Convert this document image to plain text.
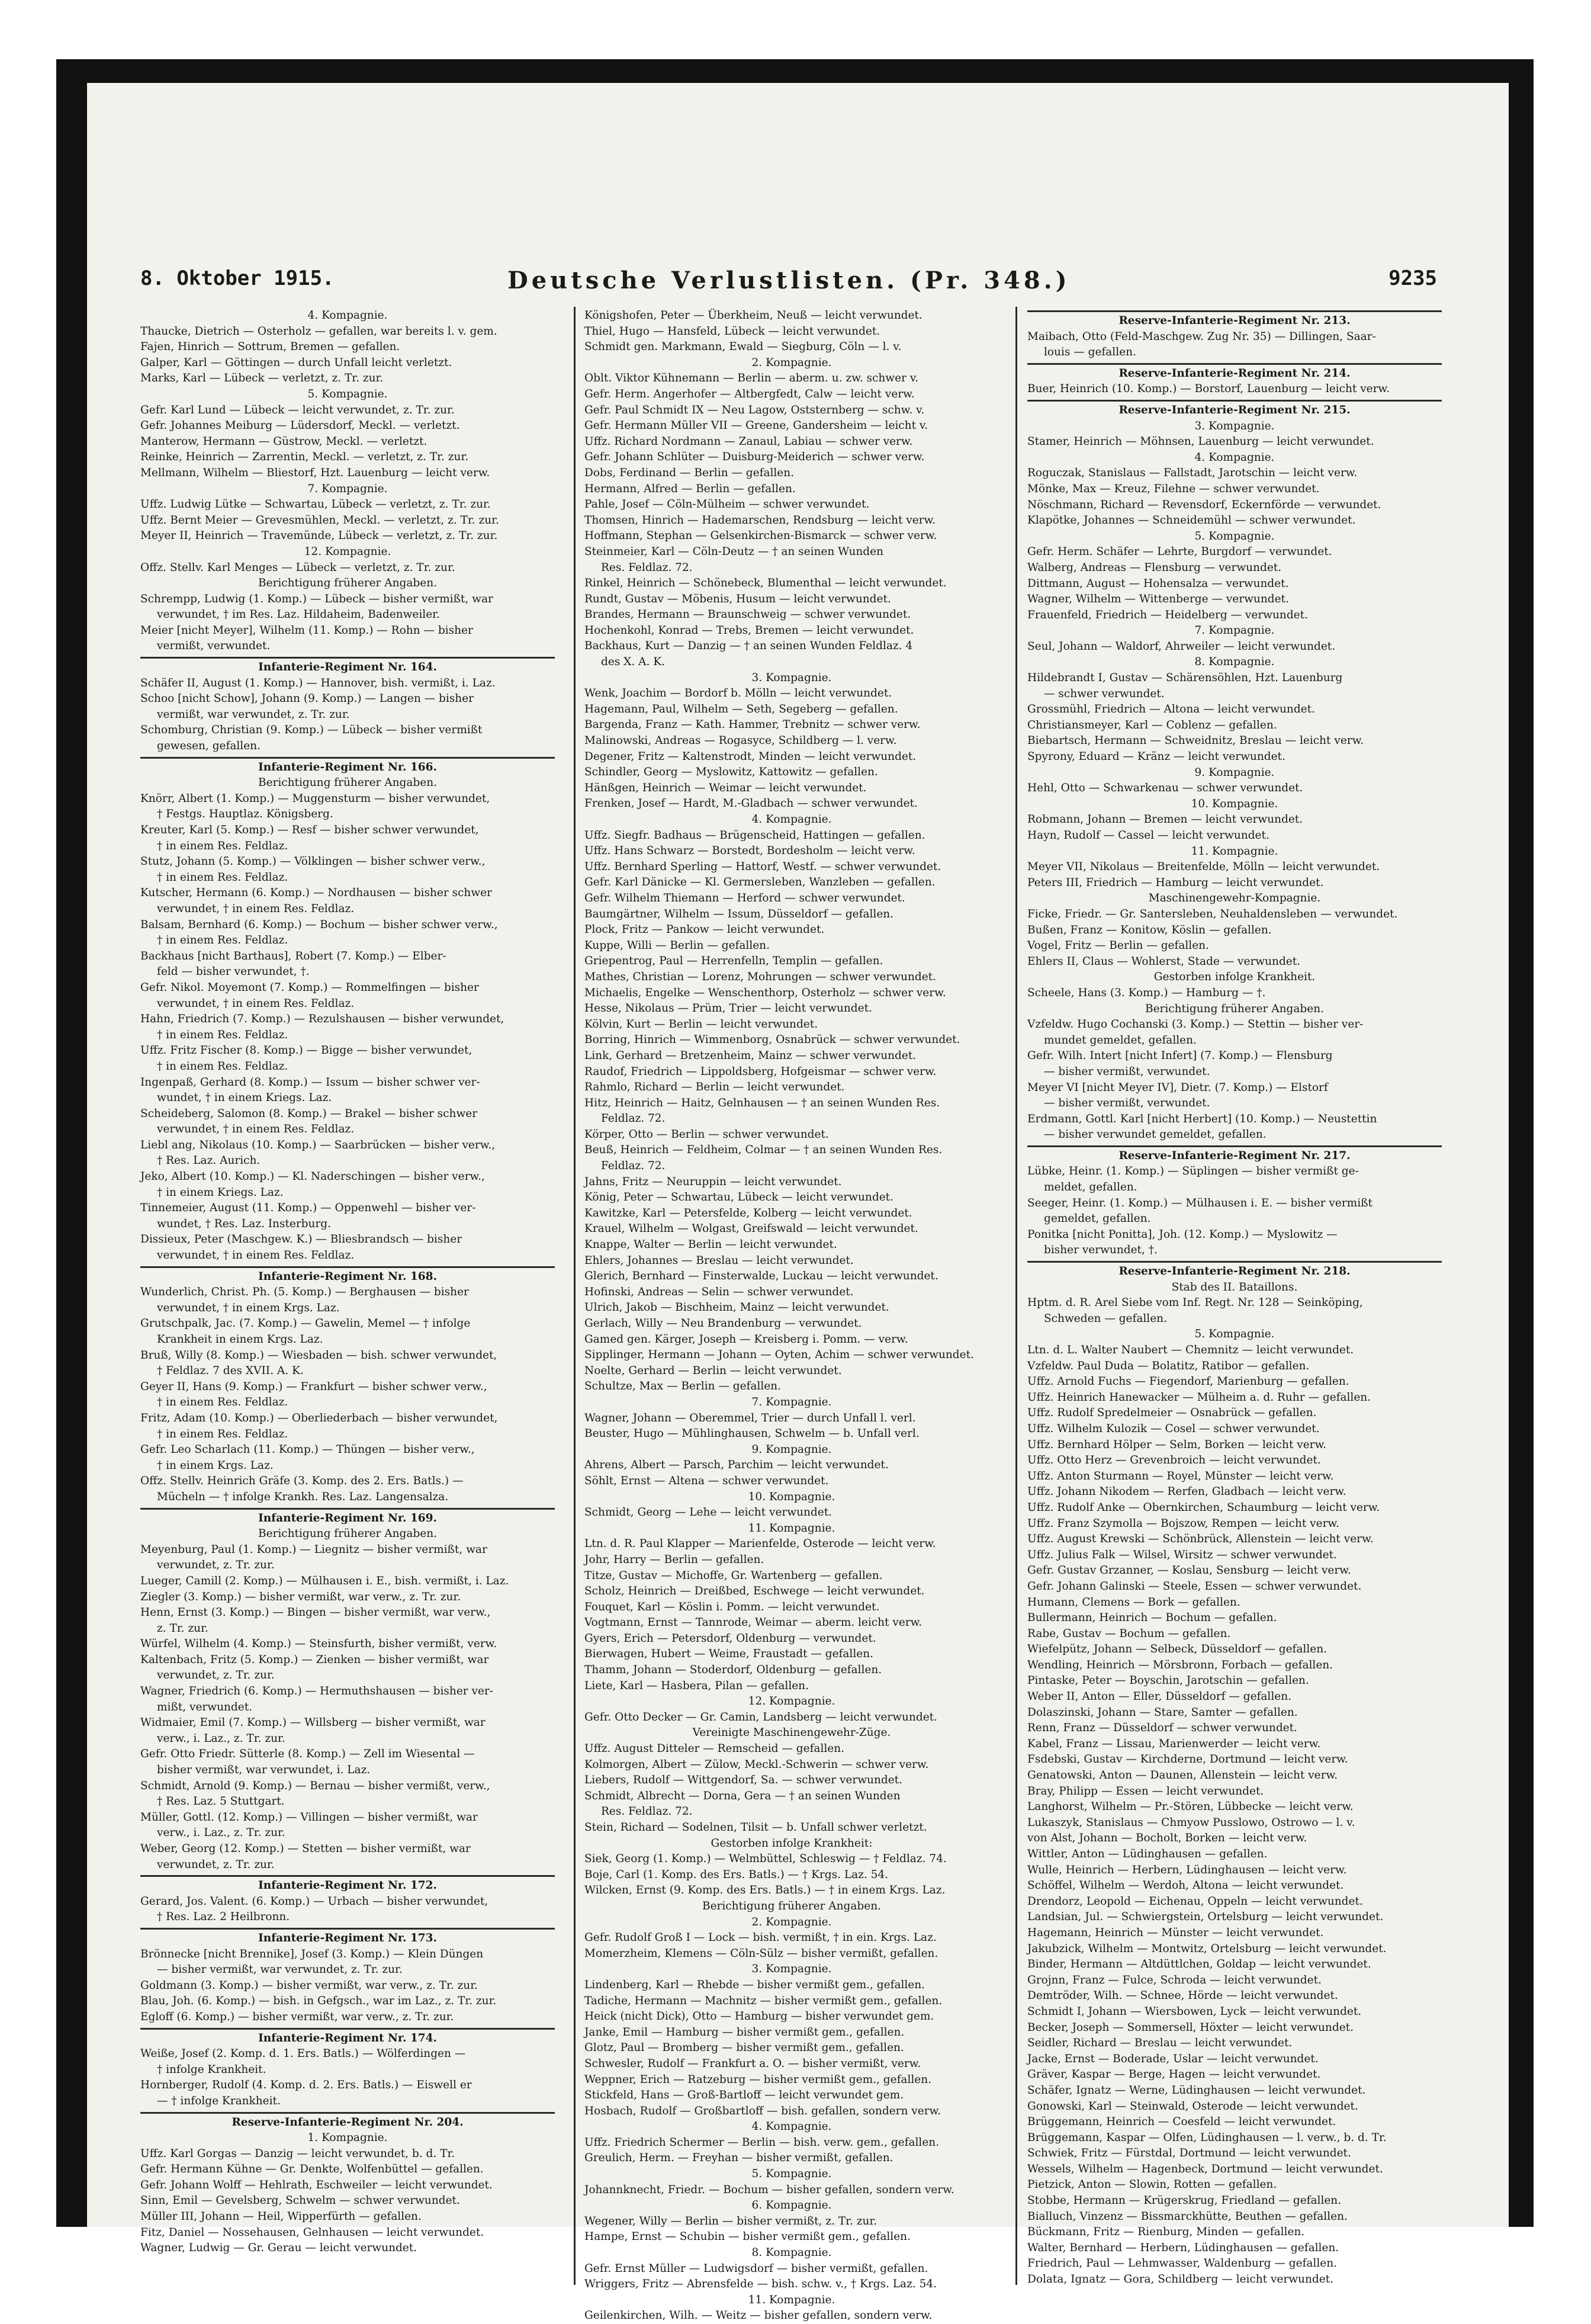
8. Oktober 1915.	Deutsche Verlustlisten. (Pr. 348.)	9235
4. Kompagnie.
Thaucke, Dietrich — Osterholz — gefallen, war bereits l. v. gem.
Fajen, Hinrich — Sottrum, Bremen — gefallen.
Galper, Karl — Göttingen — durch Unfall leicht verletzt.
Marks, Karl — Lübeck — verletzt, z. Tr. zur.
5. Kompagnie.
Gefr. Karl Lund — Lübeck — leicht verwundet, z. Tr. zur.
Gefr. Johannes Meiburg — Lüdersdorf, Meckl. — verletzt.
Manterow, Hermann — Güstrow, Meckl. — verletzt.
Reinke, Heinrich — Zarrentin, Meckl. — verletzt, z. Tr. zur.
Mellmann, Wilhelm — Bliestorf, Hzt. Lauenburg — leicht verw.
7. Kompagnie.
Uffz. Ludwig Lütke — Schwartau, Lübeck — verletzt, z. Tr. zur.
Uffz. Bernt Meier — Grevesmühlen, Meckl. — verletzt, z. Tr. zur.
Meyer II, Heinrich — Travemünde, Lübeck — verletzt, z. Tr. zur.
12. Kompagnie.
Offz. Stellv. Karl Menges — Lübeck — verletzt, z. Tr. zur.
Berichtigung früherer Angaben.
Schrempp, Ludwig (1. Komp.) — Lübeck — bisher vermißt, war
verwundet, † im Res. Laz. Hildaheim, Badenweiler.
Meier [nicht Meyer], Wilhelm (11. Komp.) — Rohn — bisher
vermißt, verwundet.
Infanterie-Regiment Nr. 164.
Schäfer II, August (1. Komp.) — Hannover, bish. vermißt, i. Laz.
Schoo [nicht Schow], Johann (9. Komp.) — Langen — bisher
vermißt, war verwundet, z. Tr. zur.
Schomburg, Christian (9. Komp.) — Lübeck — bisher vermißt
gewesen, gefallen.
Infanterie-Regiment Nr. 166.
Berichtigung früherer Angaben.
Knörr, Albert (1. Komp.) — Muggensturm — bisher verwundet,
† Festgs. Hauptlaz. Königsberg.
Kreuter, Karl (5. Komp.) — Resf — bisher schwer verwundet,
† in einem Res. Feldlaz.
Stutz, Johann (5. Komp.) — Völklingen — bisher schwer verw.,
† in einem Res. Feldlaz.
Kutscher, Hermann (6. Komp.) — Nordhausen — bisher schwer
verwundet, † in einem Res. Feldlaz.
Balsam, Bernhard (6. Komp.) — Bochum — bisher schwer verw.,
† in einem Res. Feldlaz.
Backhaus [nicht Barthaus], Robert (7. Komp.) — Elber-
feld — bisher verwundet, †.
Gefr. Nikol. Moyemont (7. Komp.) — Rommelfingen — bisher
verwundet, † in einem Res. Feldlaz.
Hahn, Friedrich (7. Komp.) — Rezulshausen — bisher verwundet,
† in einem Res. Feldlaz.
Uffz. Fritz Fischer (8. Komp.) — Bigge — bisher verwundet,
† in einem Res. Feldlaz.
Ingenpaß, Gerhard (8. Komp.) — Issum — bisher schwer ver-
wundet, † in einem Kriegs. Laz.
Scheideberg, Salomon (8. Komp.) — Brakel — bisher schwer
verwundet, † in einem Res. Feldlaz.
Liebl ang, Nikolaus (10. Komp.) — Saarbrücken — bisher verw.,
† Res. Laz. Aurich.
Jeko, Albert (10. Komp.) — Kl. Naderschingen — bisher verw.,
† in einem Kriegs. Laz.
Tinnemeier, August (11. Komp.) — Oppenwehl — bisher ver-
wundet, † Res. Laz. Insterburg.
Dissieux, Peter (Maschgew. K.) — Bliesbrandsch — bisher
verwundet, † in einem Res. Feldlaz.
Infanterie-Regiment Nr. 168.
Wunderlich, Christ. Ph. (5. Komp.) — Berghausen — bisher
verwundet, † in einem Krgs. Laz.
Grutschpalk, Jac. (7. Komp.) — Gawelin, Memel — † infolge
Krankheit in einem Krgs. Laz.
Bruß, Willy (8. Komp.) — Wiesbaden — bish. schwer verwundet,
† Feldlaz. 7 des XVII. A. K.
Geyer II, Hans (9. Komp.) — Frankfurt — bisher schwer verw.,
† in einem Res. Feldlaz.
Fritz, Adam (10. Komp.) — Oberliederbach — bisher verwundet,
† in einem Res. Feldlaz.
Gefr. Leo Scharlach (11. Komp.) — Thüngen — bisher verw.,
† in einem Krgs. Laz.
Offz. Stellv. Heinrich Gräfe (3. Komp. des 2. Ers. Batls.) —
Mücheln — † infolge Krankh. Res. Laz. Langensalza.
Infanterie-Regiment Nr. 169.
Berichtigung früherer Angaben.
Meyenburg, Paul (1. Komp.) — Liegnitz — bisher vermißt, war
verwundet, z. Tr. zur.
Lueger, Camill (2. Komp.) — Mülhausen i. E., bish. vermißt, i. Laz.
Ziegler (3. Komp.) — bisher vermißt, war verw., z. Tr. zur.
Henn, Ernst (3. Komp.) — Bingen — bisher vermißt, war verw.,
z. Tr. zur.
Würfel, Wilhelm (4. Komp.) — Steinsfurth, bisher vermißt, verw.
Kaltenbach, Fritz (5. Komp.) — Zienken — bisher vermißt, war
verwundet, z. Tr. zur.
Wagner, Friedrich (6. Komp.) — Hermuthshausen — bisher ver-
mißt, verwundet.
Widmaier, Emil (7. Komp.) — Willsberg — bisher vermißt, war
verw., i. Laz., z. Tr. zur.
Gefr. Otto Friedr. Sütterle (8. Komp.) — Zell im Wiesental —
bisher vermißt, war verwundet, i. Laz.
Schmidt, Arnold (9. Komp.) — Bernau — bisher vermißt, verw.,
† Res. Laz. 5 Stuttgart.
Müller, Gottl. (12. Komp.) — Villingen — bisher vermißt, war
verw., i. Laz., z. Tr. zur.
Weber, Georg (12. Komp.) — Stetten — bisher vermißt, war
verwundet, z. Tr. zur.
Infanterie-Regiment Nr. 172.
Gerard, Jos. Valent. (6. Komp.) — Urbach — bisher verwundet,
† Res. Laz. 2 Heilbronn.
Infanterie-Regiment Nr. 173.
Brönnecke [nicht Brennike], Josef (3. Komp.) — Klein Düngen
— bisher vermißt, war verwundet, z. Tr. zur.
Goldmann (3. Komp.) — bisher vermißt, war verw., z. Tr. zur.
Blau, Joh. (6. Komp.) — bish. in Gefgsch., war im Laz., z. Tr. zur.
Egloff (6. Komp.) — bisher vermißt, war verw., z. Tr. zur.
Infanterie-Regiment Nr. 174.
Weiße, Josef (2. Komp. d. 1. Ers. Batls.) — Wölferdingen —
† infolge Krankheit.
Hornberger, Rudolf (4. Komp. d. 2. Ers. Batls.) — Eiswell er
— † infolge Krankheit.
Reserve-Infanterie-Regiment Nr. 204.
1. Kompagnie.
Uffz. Karl Gorgas — Danzig — leicht verwundet, b. d. Tr.
Gefr. Hermann Kühne — Gr. Denkte, Wolfenbüttel — gefallen.
Gefr. Johann Wolff — Hehlrath, Eschweiler — leicht verwundet.
Sinn, Emil — Gevelsberg, Schwelm — schwer verwundet.
Müller III, Johann — Heil, Wipperfürth — gefallen.
Fitz, Daniel — Nossehausen, Gelnhausen — leicht verwundet.
Wagner, Ludwig — Gr. Gerau — leicht verwundet.
Königshofen, Peter — Überkheim, Neuß — leicht verwundet.
Thiel, Hugo — Hansfeld, Lübeck — leicht verwundet.
Schmidt gen. Markmann, Ewald — Siegburg, Cöln — l. v.
2. Kompagnie.
Oblt. Viktor Kühnemann — Berlin — aberm. u. zw. schwer v.
Gefr. Herm. Angerhofer — Altbergfedt, Calw — leicht verw.
Gefr. Paul Schmidt IX — Neu Lagow, Oststernberg — schw. v.
Gefr. Hermann Müller VII — Greene, Gandersheim — leicht v.
Uffz. Richard Nordmann — Zanaul, Labiau — schwer verw.
Gefr. Johann Schlüter — Duisburg-Meiderich — schwer verw.
Dobs, Ferdinand — Berlin — gefallen.
Hermann, Alfred — Berlin — gefallen.
Pahle, Josef — Cöln-Mülheim — schwer verwundet.
Thomsen, Hinrich — Hademarschen, Rendsburg — leicht verw.
Hoffmann, Stephan — Gelsenkirchen-Bismarck — schwer verw.
Steinmeier, Karl — Cöln-Deutz — † an seinen Wunden
Res. Feldlaz. 72.
Rinkel, Heinrich — Schönebeck, Blumenthal — leicht verwundet.
Rundt, Gustav — Möbenis, Husum — leicht verwundet.
Brandes, Hermann — Braunschweig — schwer verwundet.
Hochenkohl, Konrad — Trebs, Bremen — leicht verwundet.
Backhaus, Kurt — Danzig — † an seinen Wunden Feldlaz. 4
des X. A. K.
3. Kompagnie.
Wenk, Joachim — Bordorf b. Mölln — leicht verwundet.
Hagemann, Paul, Wilhelm — Seth, Segeberg — gefallen.
Bargenda, Franz — Kath. Hammer, Trebnitz — schwer verw.
Malinowski, Andreas — Rogasyce, Schildberg — l. verw.
Degener, Fritz — Kaltenstrodt, Minden — leicht verwundet.
Schindler, Georg — Myslowitz, Kattowitz — gefallen.
Hänßgen, Heinrich — Weimar — leicht verwundet.
Frenken, Josef — Hardt, M.-Gladbach — schwer verwundet.
4. Kompagnie.
Uffz. Siegfr. Badhaus — Brügenscheid, Hattingen — gefallen.
Uffz. Hans Schwarz — Borstedt, Bordesholm — leicht verw.
Uffz. Bernhard Sperling — Hattorf, Westf. — schwer verwundet.
Gefr. Karl Dänicke — Kl. Germersleben, Wanzleben — gefallen.
Gefr. Wilhelm Thiemann — Herford — schwer verwundet.
Baumgärtner, Wilhelm — Issum, Düsseldorf — gefallen.
Plock, Fritz — Pankow — leicht verwundet.
Kuppe, Willi — Berlin — gefallen.
Griepentrog, Paul — Herrenfelln, Templin — gefallen.
Mathes, Christian — Lorenz, Mohrungen — schwer verwundet.
Michaelis, Engelke — Wenschenthorp, Osterholz — schwer verw.
Hesse, Nikolaus — Prüm, Trier — leicht verwundet.
Kölvin, Kurt — Berlin — leicht verwundet.
Borring, Hinrich — Wimmenborg, Osnabrück — schwer verwundet.
Link, Gerhard — Bretzenheim, Mainz — schwer verwundet.
Raudof, Friedrich — Lippoldsberg, Hofgeismar — schwer verw.
Rahmlo, Richard — Berlin — leicht verwundet.
Hitz, Heinrich — Haitz, Gelnhausen — † an seinen Wunden Res.
Feldlaz. 72.
Körper, Otto — Berlin — schwer verwundet.
Beuß, Heinrich — Feldheim, Colmar — † an seinen Wunden Res.
Feldlaz. 72.
Jahns, Fritz — Neuruppin — leicht verwundet.
König, Peter — Schwartau, Lübeck — leicht verwundet.
Kawitzke, Karl — Petersfelde, Kolberg — leicht verwundet.
Krauel, Wilhelm — Wolgast, Greifswald — leicht verwundet.
Knappe, Walter — Berlin — leicht verwundet.
Ehlers, Johannes — Breslau — leicht verwundet.
Glerich, Bernhard — Finsterwalde, Luckau — leicht verwundet.
Hofinski, Andreas — Selin — schwer verwundet.
Ulrich, Jakob — Bischheim, Mainz — leicht verwundet.
Gerlach, Willy — Neu Brandenburg — verwundet.
Gamed gen. Kärger, Joseph — Kreisberg i. Pomm. — verw.
Sipplinger, Hermann — Johann — Oyten, Achim — schwer verwundet.
Noelte, Gerhard — Berlin — leicht verwundet.
Schultze, Max — Berlin — gefallen.
7. Kompagnie.
Wagner, Johann — Oberemmel, Trier — durch Unfall l. verl.
Beuster, Hugo — Mühlinghausen, Schwelm — b. Unfall verl.
9. Kompagnie.
Ahrens, Albert — Parsch, Parchim — leicht verwundet.
Söhlt, Ernst — Altena — schwer verwundet.
10. Kompagnie.
Schmidt, Georg — Lehe — leicht verwundet.
11. Kompagnie.
Ltn. d. R. Paul Klapper — Marienfelde, Osterode — leicht verw.
Johr, Harry — Berlin — gefallen.
Titze, Gustav — Michoffe, Gr. Wartenberg — gefallen.
Scholz, Heinrich — Dreißbed, Eschwege — leicht verwundet.
Fouquet, Karl — Köslin i. Pomm. — leicht verwundet.
Vogtmann, Ernst — Tannrode, Weimar — aberm. leicht verw.
Gyers, Erich — Petersdorf, Oldenburg — verwundet.
Bierwagen, Hubert — Weime, Fraustadt — gefallen.
Thamm, Johann — Stoderdorf, Oldenburg — gefallen.
Liete, Karl — Hasbera, Pilan — gefallen.
12. Kompagnie.
Gefr. Otto Decker — Gr. Camin, Landsberg — leicht verwundet.
Vereinigte Maschinengewehr-Züge.
Uffz. August Ditteler — Remscheid — gefallen.
Kolmorgen, Albert — Zülow, Meckl.-Schwerin — schwer verw.
Liebers, Rudolf — Wittgendorf, Sa. — schwer verwundet.
Schmidt, Albrecht — Dorna, Gera — † an seinen Wunden
Res. Feldlaz. 72.
Stein, Richard — Sodelnen, Tilsit — b. Unfall schwer verletzt.
Gestorben infolge Krankheit:
Siek, Georg (1. Komp.) — Welmbüttel, Schleswig — † Feldlaz. 74.
Boje, Carl (1. Komp. des Ers. Batls.) — † Krgs. Laz. 54.
Wilcken, Ernst (9. Komp. des Ers. Batls.) — † in einem Krgs. Laz.
Berichtigung früherer Angaben.
2. Kompagnie.
Gefr. Rudolf Groß I — Lock — bish. vermißt, † in ein. Krgs. Laz.
Momerzheim, Klemens — Cöln-Sülz — bisher vermißt, gefallen.
3. Kompagnie.
Lindenberg, Karl — Rhebde — bisher vermißt gem., gefallen.
Tadiche, Hermann — Machnitz — bisher vermißt gem., gefallen.
Heick (nicht Dick), Otto — Hamburg — bisher verwundet gem.
Janke, Emil — Hamburg — bisher vermißt gem., gefallen.
Glotz, Paul — Bromberg — bisher vermißt gem., gefallen.
Schwesler, Rudolf — Frankfurt a. O. — bisher vermißt, verw.
Weppner, Erich — Ratzeburg — bisher vermißt gem., gefallen.
Stickfeld, Hans — Groß-Bartloff — leicht verwundet gem.
Hosbach, Rudolf — Großbartloff — bish. gefallen, sondern verw.
4. Kompagnie.
Uffz. Friedrich Schermer — Berlin — bish. verw. gem., gefallen.
Greulich, Herm. — Freyhan — bisher vermißt, gefallen.
5. Kompagnie.
Johannknecht, Friedr. — Bochum — bisher gefallen, sondern verw.
6. Kompagnie.
Wegener, Willy — Berlin — bisher vermißt, z. Tr. zur.
Hampe, Ernst — Schubin — bisher vermißt gem., gefallen.
8. Kompagnie.
Gefr. Ernst Müller — Ludwigsdorf — bisher vermißt, gefallen.
Wriggers, Fritz — Abrensfelde — bish. schw. v., † Krgs. Laz. 54.
11. Kompagnie.
Geilenkirchen, Wilh. — Weitz — bisher gefallen, sondern verw.
Reserve-Infanterie-Regiment Nr. 213.
Maibach, Otto (Feld-Maschgew. Zug Nr. 35) — Dillingen, Saar-
louis — gefallen.
Reserve-Infanterie-Regiment Nr. 214.
Buer, Heinrich (10. Komp.) — Borstorf, Lauenburg — leicht verw.
Reserve-Infanterie-Regiment Nr. 215.
3. Kompagnie.
Stamer, Heinrich — Möhnsen, Lauenburg — leicht verwundet.
4. Kompagnie.
Roguczak, Stanislaus — Fallstadt, Jarotschin — leicht verw.
Mönke, Max — Kreuz, Filehne — schwer verwundet.
Nöschmann, Richard — Revensdorf, Eckernförde — verwundet.
Klapötke, Johannes — Schneidemühl — schwer verwundet.
5. Kompagnie.
Gefr. Herm. Schäfer — Lehrte, Burgdorf — verwundet.
Walberg, Andreas — Flensburg — verwundet.
Dittmann, August — Hohensalza — verwundet.
Wagner, Wilhelm — Wittenberge — verwundet.
Frauenfeld, Friedrich — Heidelberg — verwundet.
7. Kompagnie.
Seul, Johann — Waldorf, Ahrweiler — leicht verwundet.
8. Kompagnie.
Hildebrandt I, Gustav — Schärensöhlen, Hzt. Lauenburg
— schwer verwundet.
Grossmühl, Friedrich — Altona — leicht verwundet.
Christiansmeyer, Karl — Coblenz — gefallen.
Biebartsch, Hermann — Schweidnitz, Breslau — leicht verw.
Spyrony, Eduard — Kränz — leicht verwundet.
9. Kompagnie.
Hehl, Otto — Schwarkenau — schwer verwundet.
10. Kompagnie.
Robmann, Johann — Bremen — leicht verwundet.
Hayn, Rudolf — Cassel — leicht verwundet.
11. Kompagnie.
Meyer VII, Nikolaus — Breitenfelde, Mölln — leicht verwundet.
Peters III, Friedrich — Hamburg — leicht verwundet.
Maschinengewehr-Kompagnie.
Ficke, Friedr. — Gr. Santersleben, Neuhaldensleben — verwundet.
Bußen, Franz — Konitow, Köslin — gefallen.
Vogel, Fritz — Berlin — gefallen.
Ehlers II, Claus — Wohlerst, Stade — verwundet.
Gestorben infolge Krankheit.
Scheele, Hans (3. Komp.) — Hamburg — †.
Berichtigung früherer Angaben.
Vzfeldw. Hugo Cochanski (3. Komp.) — Stettin — bisher ver-
mundet gemeldet, gefallen.
Gefr. Wilh. Intert [nicht Infert] (7. Komp.) — Flensburg
— bisher vermißt, verwundet.
Meyer VI [nicht Meyer IV], Dietr. (7. Komp.) — Elstorf
— bisher vermißt, verwundet.
Erdmann, Gottl. Karl [nicht Herbert] (10. Komp.) — Neustettin
— bisher verwundet gemeldet, gefallen.
Reserve-Infanterie-Regiment Nr. 217.
Lübke, Heinr. (1. Komp.) — Süplingen — bisher vermißt ge-
meldet, gefallen.
Seeger, Heinr. (1. Komp.) — Mülhausen i. E. — bisher vermißt
gemeldet, gefallen.
Ponitka [nicht Ponitta], Joh. (12. Komp.) — Myslowitz —
bisher verwundet, †.
Reserve-Infanterie-Regiment Nr. 218.
Stab des II. Bataillons.
Hptm. d. R. Arel Siebe vom Inf. Regt. Nr. 128 — Seinköping,
Schweden — gefallen.
5. Kompagnie.
Ltn. d. L. Walter Naubert — Chemnitz — leicht verwundet.
Vzfeldw. Paul Duda — Bolatitz, Ratibor — gefallen.
Uffz. Arnold Fuchs — Fiegendorf, Marienburg — gefallen.
Uffz. Heinrich Hanewacker — Mülheim a. d. Ruhr — gefallen.
Uffz. Rudolf Spredelmeier — Osnabrück — gefallen.
Uffz. Wilhelm Kulozik — Cosel — schwer verwundet.
Uffz. Bernhard Hölper — Selm, Borken — leicht verw.
Uffz. Otto Herz — Grevenbroich — leicht verwundet.
Uffz. Anton Sturmann — Royel, Münster — leicht verw.
Uffz. Johann Nikodem — Rerfen, Gladbach — leicht verw.
Uffz. Rudolf Anke — Obernkirchen, Schaumburg — leicht verw.
Uffz. Franz Szymolla — Bojszow, Rempen — leicht verw.
Uffz. August Krewski — Schönbrück, Allenstein — leicht verw.
Uffz. Julius Falk — Wilsel, Wirsitz — schwer verwundet.
Gefr. Gustav Grzanner, — Koslau, Sensburg — leicht verw.
Gefr. Johann Galinski — Steele, Essen — schwer verwundet.
Humann, Clemens — Bork — gefallen.
Bullermann, Heinrich — Bochum — gefallen.
Rabe, Gustav — Bochum — gefallen.
Wiefelpütz, Johann — Selbeck, Düsseldorf — gefallen.
Wendling, Heinrich — Mörsbronn, Forbach — gefallen.
Pintaske, Peter — Boyschin, Jarotschin — gefallen.
Weber II, Anton — Eller, Düsseldorf — gefallen.
Dolaszinski, Johann — Stare, Samter — gefallen.
Renn, Franz — Düsseldorf — schwer verwundet.
Kabel, Franz — Lissau, Marienwerder — leicht verw.
Fsdebski, Gustav — Kirchderne, Dortmund — leicht verw.
Genatowski, Anton — Daunen, Allenstein — leicht verw.
Bray, Philipp — Essen — leicht verwundet.
Langhorst, Wilhelm — Pr.-Stören, Lübbecke — leicht verw.
Lukaszyk, Stanislaus — Chmyow Pusslowo, Ostrowo — l. v.
von Alst, Johann — Bocholt, Borken — leicht verw.
Wittler, Anton — Lüdinghausen — gefallen.
Wulle, Heinrich — Herbern, Lüdinghausen — leicht verw.
Schöffel, Wilhelm — Werdoh, Altona — leicht verwundet.
Drendorz, Leopold — Eichenau, Oppeln — leicht verwundet.
Landsian, Jul. — Schwiergstein, Ortelsburg — leicht verwundet.
Hagemann, Heinrich — Münster — leicht verwundet.
Jakubzick, Wilhelm — Montwitz, Ortelsburg — leicht verwundet.
Binder, Hermann — Altdüttlchen, Goldap — leicht verwundet.
Grojnn, Franz — Fulce, Schroda — leicht verwundet.
Demtröder, Wilh. — Schnee, Hörde — leicht verwundet.
Schmidt I, Johann — Wiersbowen, Lyck — leicht verwundet.
Becker, Joseph — Sommersell, Höxter — leicht verwundet.
Seidler, Richard — Breslau — leicht verwundet.
Jacke, Ernst — Boderade, Uslar — leicht verwundet.
Gräver, Kaspar — Berge, Hagen — leicht verwundet.
Schäfer, Ignatz — Werne, Lüdinghausen — leicht verwundet.
Gonowski, Karl — Steinwald, Osterode — leicht verwundet.
Brüggemann, Heinrich — Coesfeld — leicht verwundet.
Brüggemann, Kaspar — Olfen, Lüdinghausen — l. verw., b. d. Tr.
Schwiek, Fritz — Fürstdal, Dortmund — leicht verwundet.
Wessels, Wilhelm — Hagenbeck, Dortmund — leicht verwundet.
Pietzick, Anton — Slowin, Rotten — gefallen.
Stobbe, Hermann — Krügerskrug, Friedland — gefallen.
Bialluch, Vinzenz — Bissmarckhütte, Beuthen — gefallen.
Bückmann, Fritz — Rienburg, Minden — gefallen.
Walter, Bernhard — Herbern, Lüdinghausen — gefallen.
Friedrich, Paul — Lehmwasser, Waldenburg — gefallen.
Dolata, Ignatz — Gora, Schildberg — leicht verwundet.
